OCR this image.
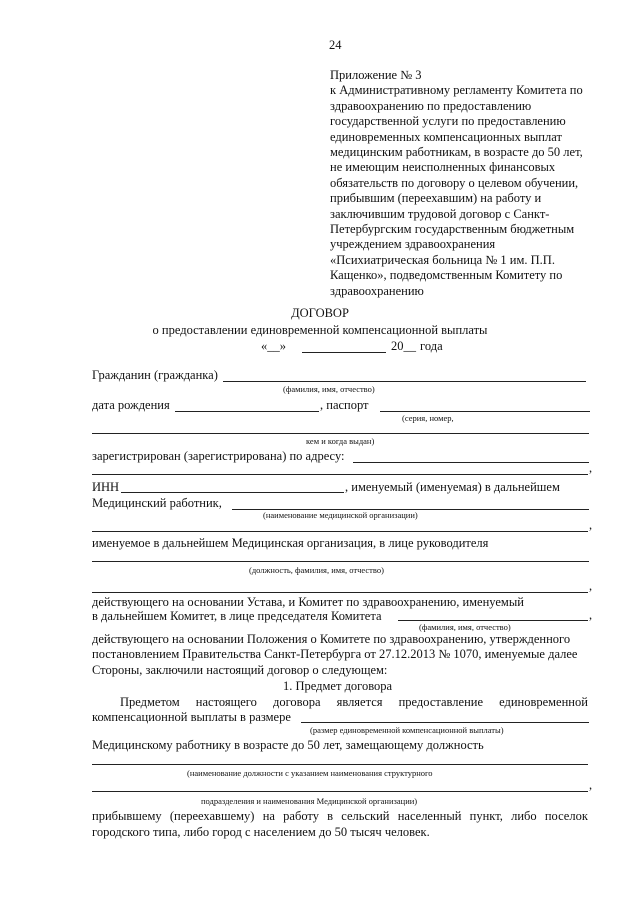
24
Приложение № 3
к Административному регламенту Комитета по
здравоохранению по предоставлению
государственной услуги по предоставлению
единовременных компенсационных выплат
медицинским работникам, в возрасте до 50 лет,
не имеющим неисполненных финансовых
обязательств по договору о целевом обучении,
прибывшим (переехавшим) на работу и
заключившим трудовой договор с Санкт-
Петербургским государственным бюджетным
учреждением здравоохранения
«Психиатрическая больница № 1 им. П.П.
Кащенко», подведомственным Комитету по
здравоохранению
ДОГОВОР
о предоставлении единовременной компенсационной выплаты
«__»	20__ года
Гражданин (гражданка)
(фамилия, имя, отчество)
дата рождения	, паспорт
(серия, номер,
кем и когда выдан)
зарегистрирован (зарегистрирована) по адресу:
,
ИНН	, именуемый (именуемая) в дальнейшем
Медицинский работник,
(наименование медицинской организации)
,
именуемое в дальнейшем Медицинская организация, в лице руководителя
(должность, фамилия, имя, отчество)
,
действующего на основании Устава, и Комитет по здравоохранению, именуемый
в дальнейшем Комитет, в лице председателя Комитета	,
(фамилия, имя, отчество)
действующего на основании Положения о Комитете по здравоохранению, утвержденного
постановлением Правительства Санкт-Петербурга от 27.12.2013 № 1070, именуемые далее
Стороны, заключили настоящий договор о следующем:
1. Предмет договора
Предметом настоящего договора является предоставление единовременной
компенсационной выплаты в размере
(размер единовременной компенсационной выплаты)
Медицинскому работнику в возрасте до 50 лет, замещающему должность
(наименование должности с указанием наименования структурного
,
подразделения и наименования Медицинской организации)
прибывшему (переехавшему) на работу в сельский населенный пункт, либо поселок
городского типа, либо город с населением до 50 тысяч человек.
